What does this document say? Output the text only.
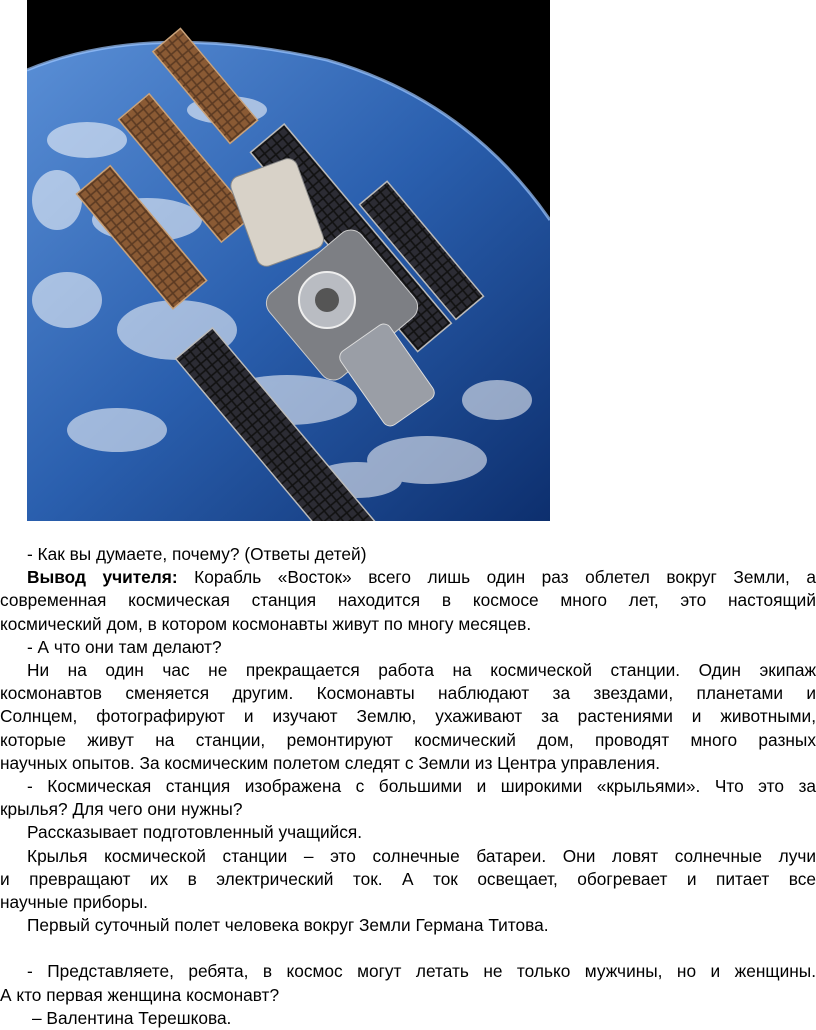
- Как вы думаете, почему? (Ответы детей)

Вывод учителя: Корабль «Восток» всего лишь один раз облетел вокруг Земли, а

современная космическая станция находится в космосе много лет, это настоящий

космический дом, в котором космонавты живут по многу месяцев.

- А что они там делают?

Ни на один час не прекращается работа на космической станции. Один экипаж

космонавтов сменяется другим. Космонавты наблюдают за звездами, планетами и

Солнцем, фотографируют и изучают Землю, ухаживают за растениями и животными,

которые живут на станции, ремонтируют космический дом, проводят много разных

научных опытов. За космическим полетом следят с Земли из Центра управления.

- Космическая станция изображена с большими и широкими «крыльями». Что это за

крылья? Для чего они нужны?

Рассказывает подготовленный учащийся.

Крылья космической станции – это солнечные батареи. Они ловят солнечные лучи

и превращают их в электрический ток. А ток освещает, обогревает и питает все

научные приборы.

Первый суточный полет человека вокруг Земли Германа Титова.

- Представляете, ребята, в космос могут летать не только мужчины, но и женщины.

А кто первая женщина космонавт?

– Валентина Терешкова.
